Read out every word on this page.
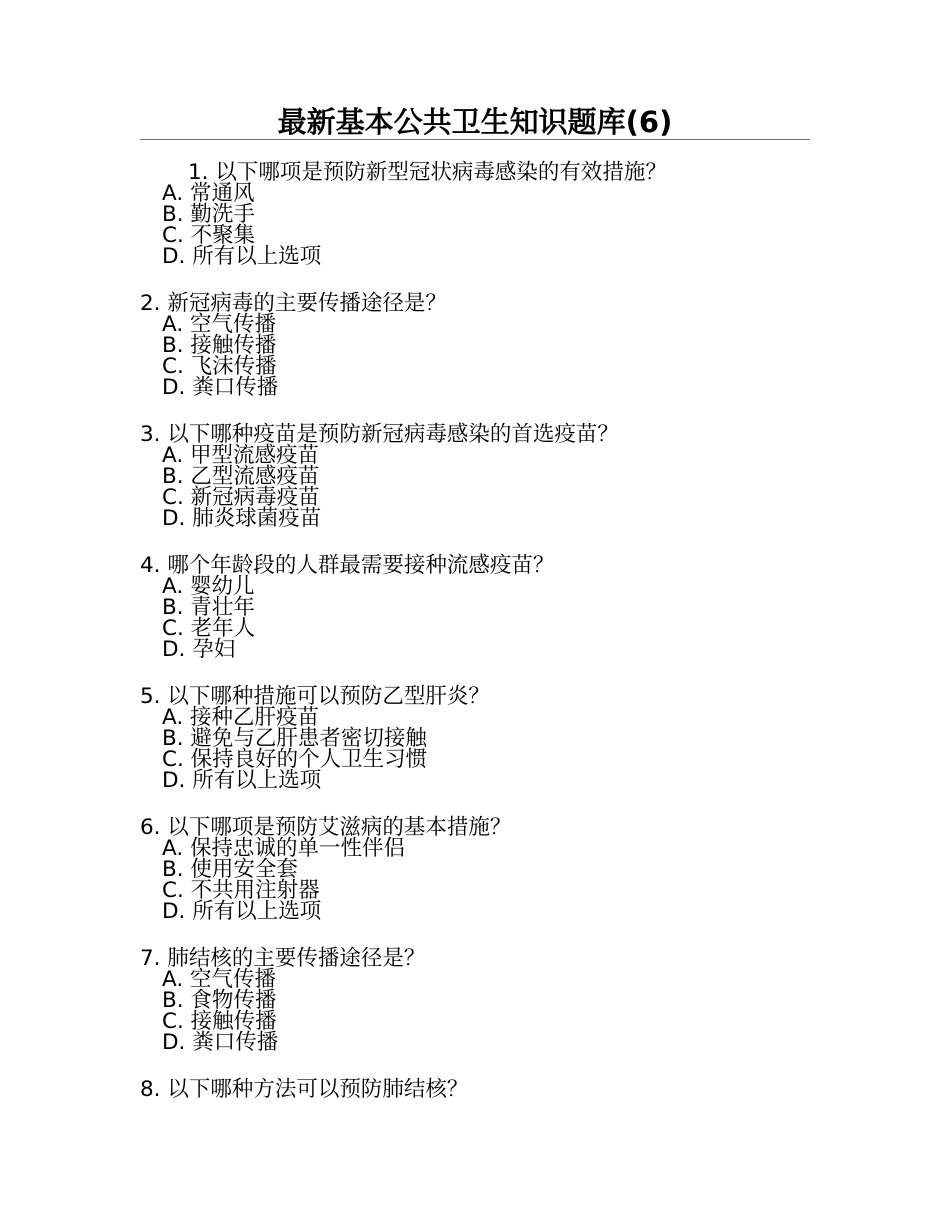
最新基本公共卫生知识题库(6)
1. 以下哪项是预防新型冠状病毒感染的有效措施？
A. 常通风
B. 勤洗手
C. 不聚集
D. 所有以上选项
2. 新冠病毒的主要传播途径是？
A. 空气传播
B. 接触传播
C. 飞沫传播
D. 粪口传播
3. 以下哪种疫苗是预防新冠病毒感染的首选疫苗？
A. 甲型流感疫苗
B. 乙型流感疫苗
C. 新冠病毒疫苗
D. 肺炎球菌疫苗
4. 哪个年龄段的人群最需要接种流感疫苗？
A. 婴幼儿
B. 青壮年
C. 老年人
D. 孕妇
5. 以下哪种措施可以预防乙型肝炎？
A. 接种乙肝疫苗
B. 避免与乙肝患者密切接触
C. 保持良好的个人卫生习惯
D. 所有以上选项
6. 以下哪项是预防艾滋病的基本措施？
A. 保持忠诚的单一性伴侣
B. 使用安全套
C. 不共用注射器
D. 所有以上选项
7. 肺结核的主要传播途径是？
A. 空气传播
B. 食物传播
C. 接触传播
D. 粪口传播
8. 以下哪种方法可以预防肺结核？
